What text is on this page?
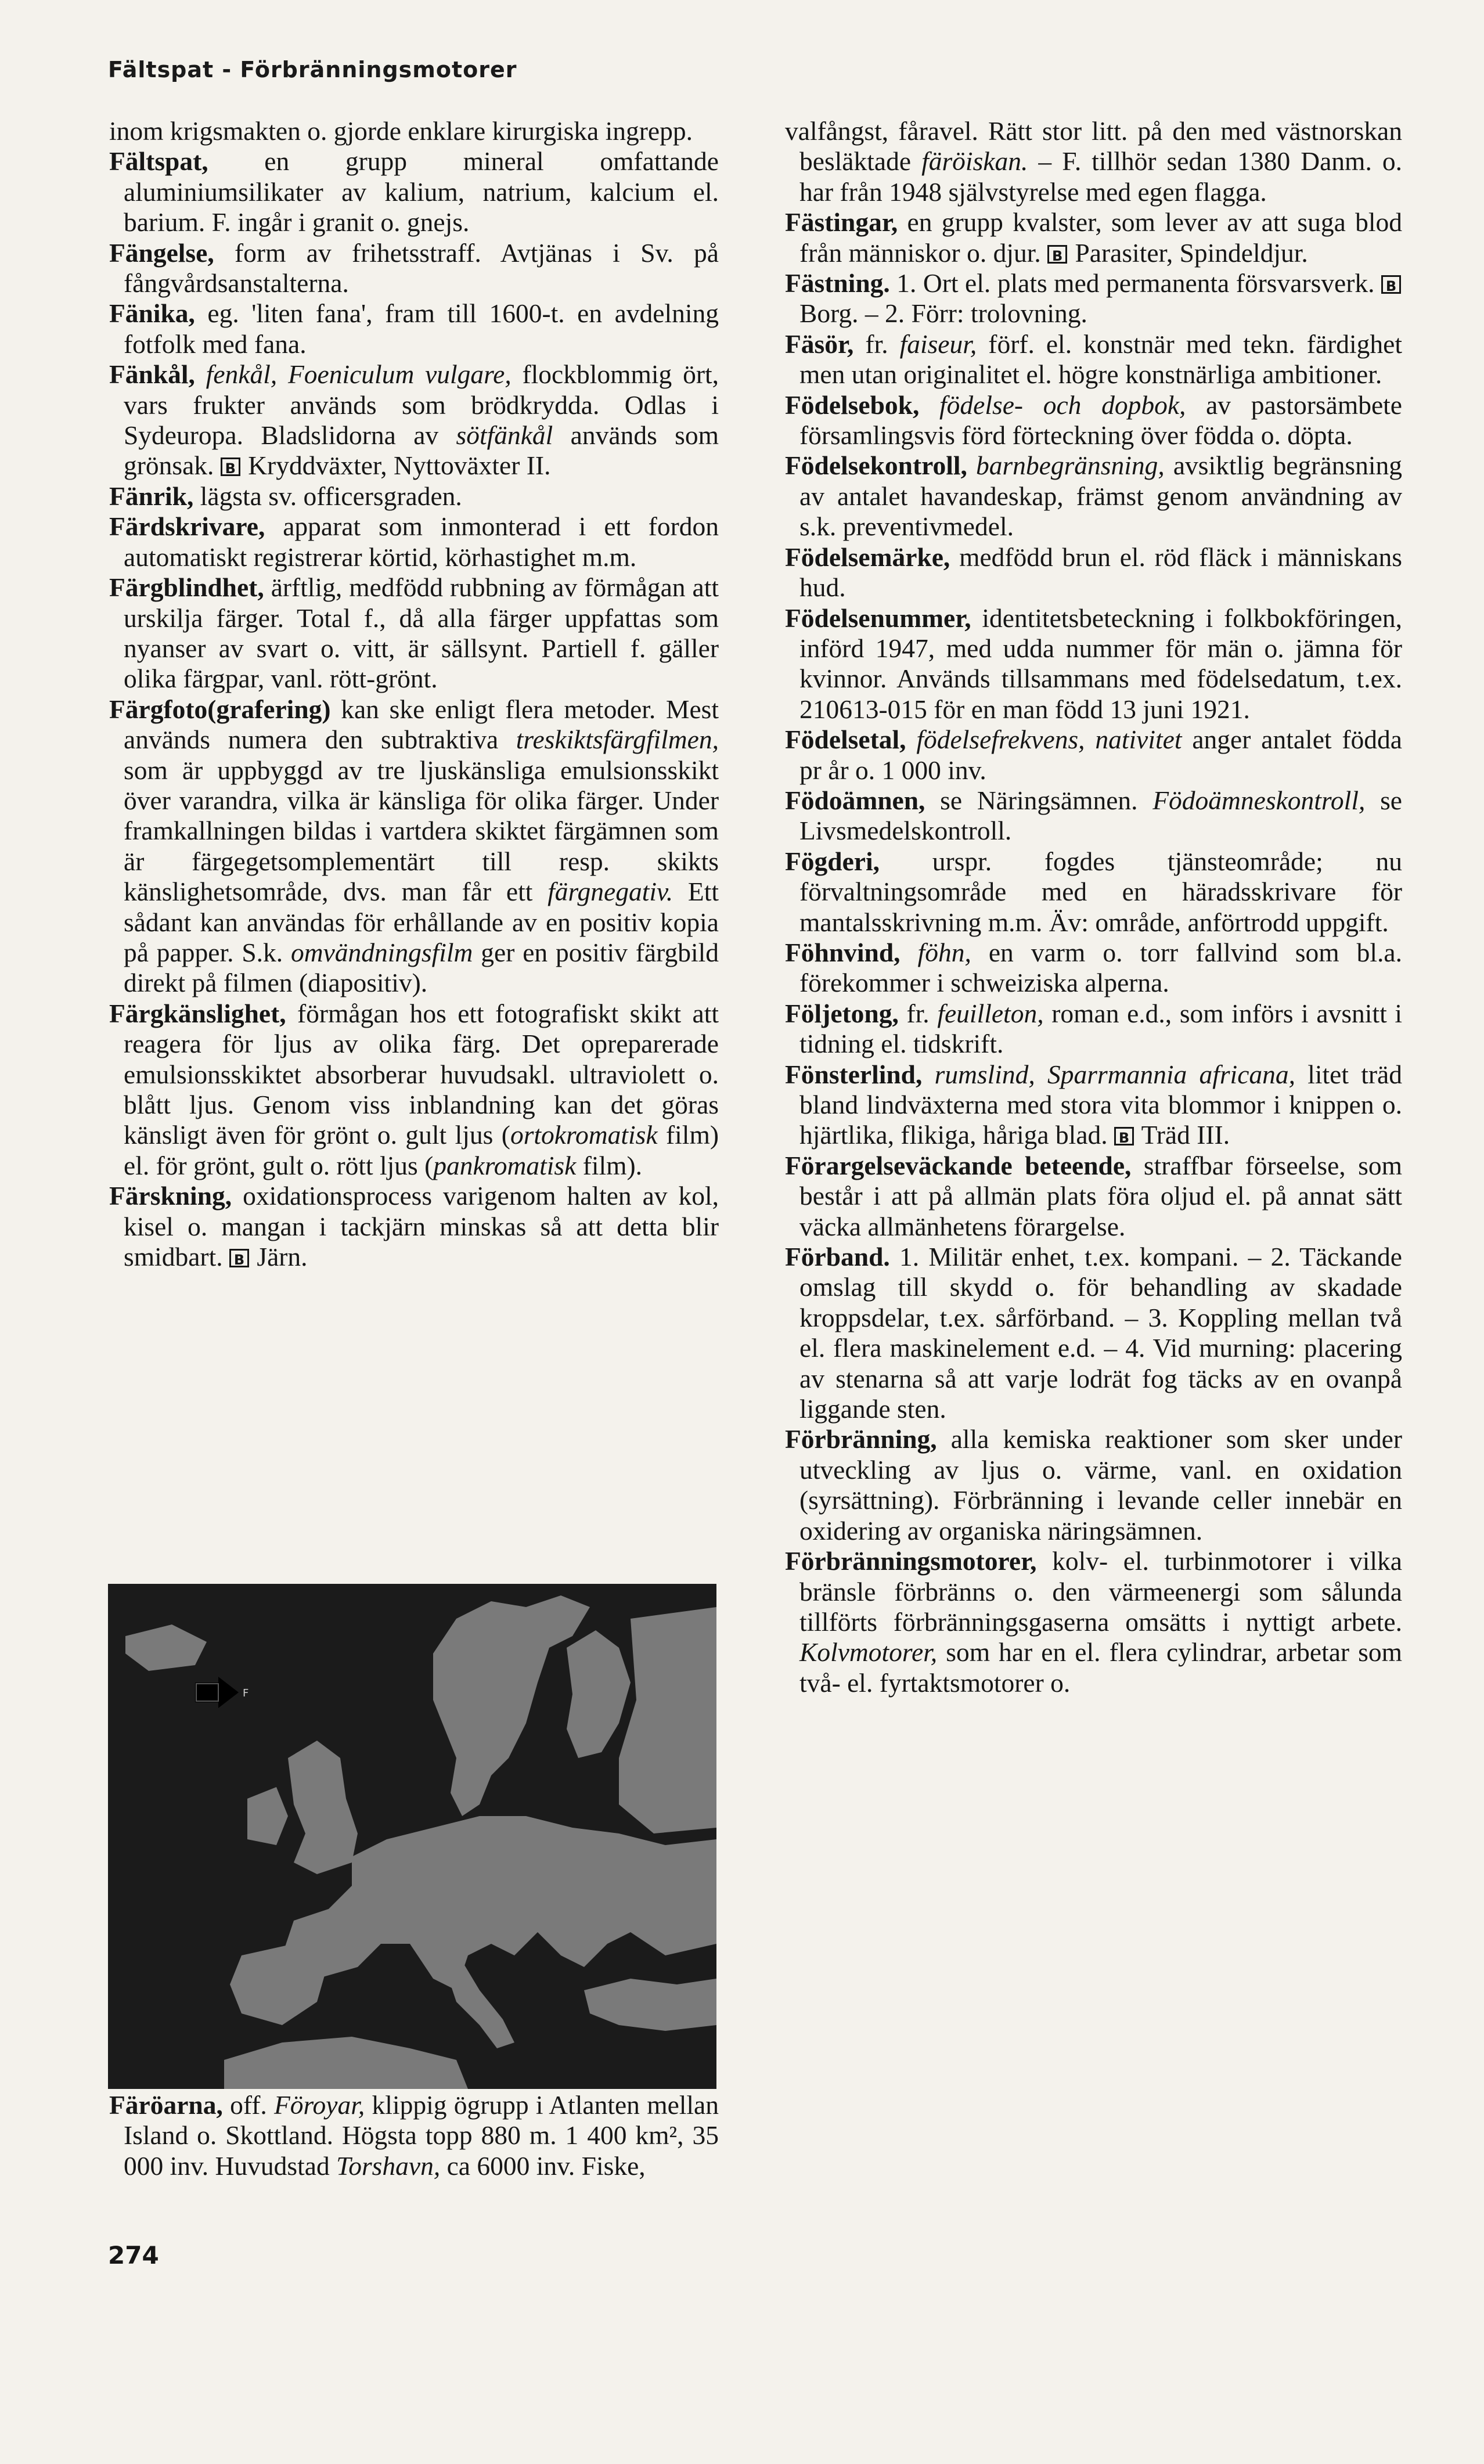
Fältspat - Förbränningsmotorer

inom krigsmakten o. gjorde enklare kirurgiska ingrepp.

Fältspat, en grupp mineral omfattande aluminiumsilikater av kalium, natrium, kalcium el. barium. F. ingår i granit o. gnejs.

Fängelse, form av frihetsstraff. Avtjänas i Sv. på fångvårdsanstalterna.

Fänika, eg. 'liten fana', fram till 1600-t. en avdelning fotfolk med fana.

Fänkål, fenkål, Foeniculum vulgare, flockblommig ört, vars frukter används som brödkrydda. Odlas i Sydeuropa. Bladslidorna av sötfänkål används som grönsak. B Kryddväxter, Nyttoväxter II.

Fänrik, lägsta sv. officersgraden.

Färdskrivare, apparat som inmonterad i ett fordon automatiskt registrerar körtid, körhastighet m.m.

Färgblindhet, ärftlig, medfödd rubbning av förmågan att urskilja färger. Total f., då alla färger uppfattas som nyanser av svart o. vitt, är sällsynt. Partiell f. gäller olika färgpar, vanl. rött-grönt.

Färgfoto(grafering) kan ske enligt flera metoder. Mest används numera den subtraktiva treskiktsfärgfilmen, som är uppbyggd av tre ljuskänsliga emulsionsskikt över varandra, vilka är känsliga för olika färger. Under framkallningen bildas i vartdera skiktet färgämnen som är färgegetsomplementärt till resp. skikts känslighetsområde, dvs. man får ett färgnegativ. Ett sådant kan användas för erhållande av en positiv kopia på papper. S.k. omvändningsfilm ger en positiv färgbild direkt på filmen (diapositiv).

Färgkänslighet, förmågan hos ett fotografiskt skikt att reagera för ljus av olika färg. Det opreparerade emulsionsskiktet absorberar huvudsakl. ultraviolett o. blått ljus. Genom viss inblandning kan det göras känsligt även för grönt o. gult ljus (ortokromatisk film) el. för grönt, gult o. rött ljus (pankromatisk film).

Färskning, oxidationsprocess varigenom halten av kol, kisel o. mangan i tackjärn minskas så att detta blir smidbart. B Järn.

F

Färöarna, off. Föroyar, klippig ögrupp i Atlanten mellan Island o. Skottland. Högsta topp 880 m. 1 400 km², 35 000 inv. Huvudstad Torshavn, ca 6000 inv. Fiske,

valfångst, fåravel. Rätt stor litt. på den med västnorskan besläktade färöiskan. – F. tillhör sedan 1380 Danm. o. har från 1948 självstyrelse med egen flagga.

Fästingar, en grupp kvalster, som lever av att suga blod från människor o. djur. B Parasiter, Spindeldjur.

Fästning. 1. Ort el. plats med permanenta försvarsverk. B Borg. – 2. Förr: trolovning.

Fäsör, fr. faiseur, förf. el. konstnär med tekn. färdighet men utan originalitet el. högre konstnärliga ambitioner.

Födelsebok, födelse- och dopbok, av pastorsämbete församlingsvis förd förteckning över födda o. döpta.

Födelsekontroll, barnbegränsning, avsiktlig begränsning av antalet havandeskap, främst genom användning av s.k. preventivmedel.

Födelsemärke, medfödd brun el. röd fläck i människans hud.

Födelsenummer, identitetsbeteckning i folkbokföringen, införd 1947, med udda nummer för män o. jämna för kvinnor. Används tillsammans med födelsedatum, t.ex. 210613-015 för en man född 13 juni 1921.

Födelsetal, födelsefrekvens, nativitet anger antalet födda pr år o. 1 000 inv.

Födoämnen, se Näringsämnen. Födoämneskontroll, se Livsmedelskontroll.

Fögderi, urspr. fogdes tjänsteområde; nu förvaltningsområde med en häradsskrivare för mantalsskrivning m.m. Äv: område, anförtrodd uppgift.

Föhnvind, föhn, en varm o. torr fallvind som bl.a. förekommer i schweiziska alperna.

Följetong, fr. feuilleton, roman e.d., som införs i avsnitt i tidning el. tidskrift.

Fönsterlind, rumslind, Sparrmannia africana, litet träd bland lindväxterna med stora vita blommor i knippen o. hjärtlika, flikiga, håriga blad. B Träd III.

Förargelseväckande beteende, straffbar förseelse, som består i att på allmän plats föra oljud el. på annat sätt väcka allmänhetens förargelse.

Förband. 1. Militär enhet, t.ex. kompani. – 2. Täckande omslag till skydd o. för behandling av skadade kroppsdelar, t.ex. sårförband. – 3. Koppling mellan två el. flera maskinelement e.d. – 4. Vid murning: placering av stenarna så att varje lodrät fog täcks av en ovanpå liggande sten.

Förbränning, alla kemiska reaktioner som sker under utveckling av ljus o. värme, vanl. en oxidation (syrsättning). Förbränning i levande celler innebär en oxidering av organiska näringsämnen.

Förbränningsmotorer, kolv- el. turbinmotorer i vilka bränsle förbränns o. den värmeenergi som sålunda tillförts förbränningsgaserna omsätts i nyttigt arbete. Kolvmotorer, som har en el. flera cylindrar, arbetar som två- el. fyrtaktsmotorer o.

274
